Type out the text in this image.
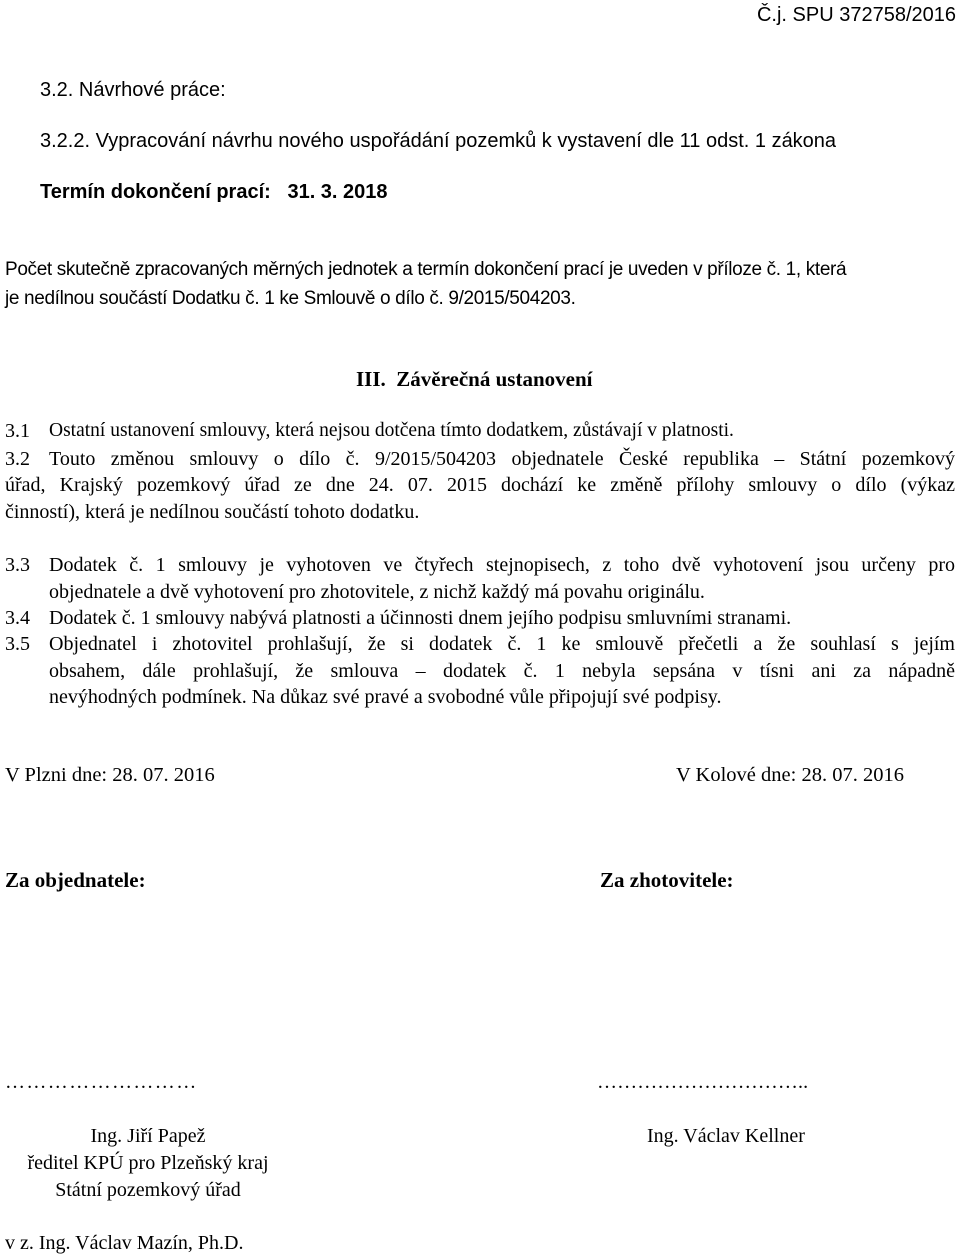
Č.j. SPU 372758/2016
3.2. Návrhové práce:
3.2.2. Vypracování návrhu nového uspořádání pozemků k vystavení dle 11 odst. 1 zákona
Termín dokončení prací:   31. 3. 2018
Počet skutečně zpracovaných měrných jednotek a termín dokončení prací je uveden v příloze č. 1, která
je nedílnou součástí Dodatku č. 1 ke Smlouvě o dílo č. 9/2015/504203.
III.  Závěrečná ustanovení
3.1 Ostatní ustanovení smlouvy, která nejsou dotčena tímto dodatkem, zůstávají v platnosti.
3.2 Touto změnou smlouvy o dílo č. 9/2015/504203 objednatele České republika – Státní pozemkový
úřad, Krajský pozemkový úřad ze dne 24. 07. 2015 dochází ke změně přílohy smlouvy o dílo (výkaz
činností), která je nedílnou součástí tohoto dodatku.
3.3 Dodatek č. 1 smlouvy je vyhotoven ve čtyřech stejnopisech, z toho dvě vyhotovení jsou určeny pro
objednatele a dvě vyhotovení pro zhotovitele, z nichž každý má povahu originálu.
3.4 Dodatek č. 1 smlouvy nabývá platnosti a účinnosti dnem jejího podpisu smluvními stranami.
3.5 Objednatel i zhotovitel prohlašují, že si dodatek č. 1 ke smlouvě přečetli a že souhlasí s jejím
obsahem, dále prohlašují, že smlouva – dodatek č. 1 nebyla sepsána v tísni ani za nápadně
nevýhodných podmínek. Na důkaz své pravé a svobodné vůle připojují své podpisy.
V Plzni dne: 28. 07. 2016	V Kolové dne: 28. 07. 2016
Za objednatele:	Za zhotovitele:
………………………	…………………………..
Ing. Jiří Papež
ředitel KPÚ pro Plzeňský kraj
Státní pozemkový úřad
Ing. Václav Kellner
v z. Ing. Václav Mazín, Ph.D.
